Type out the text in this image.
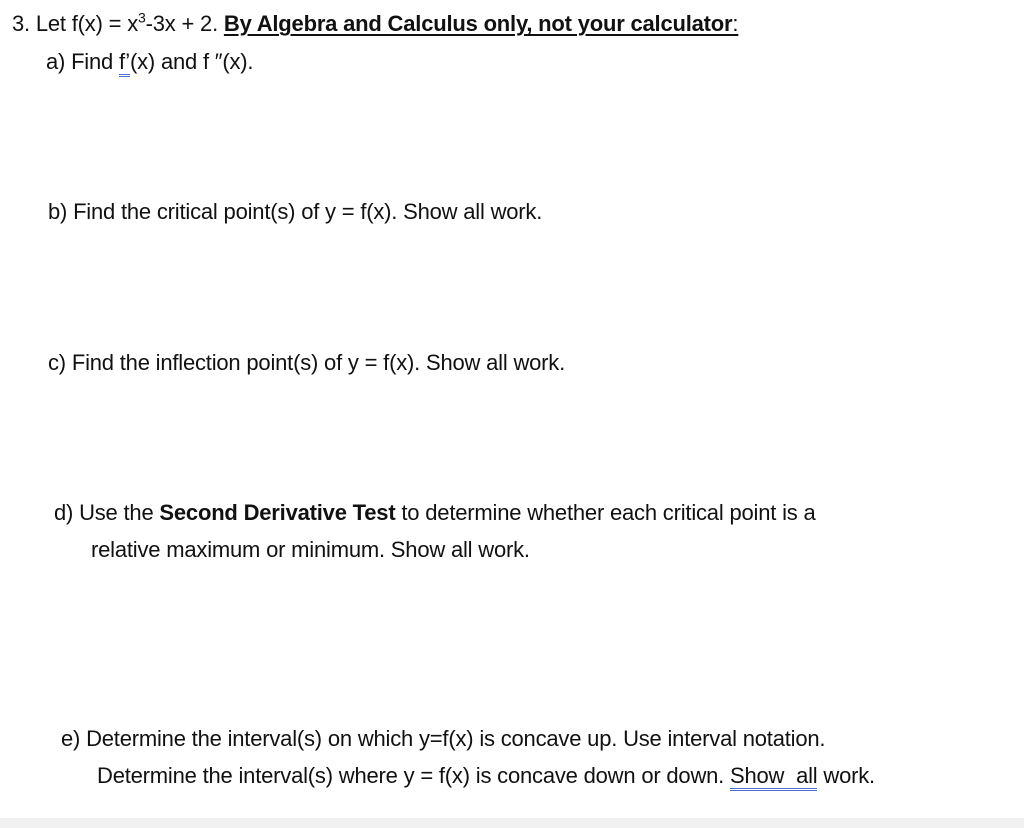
3. Let $f(x) = x^3-3x + 2$. By Algebra and Calculus only, not your calculator:
a) Find f’(x) and f ″(x).
b) Find the critical point(s) of y = f(x). Show all work.
c) Find the inflection point(s) of y = f(x). Show all work.
d) Use the Second Derivative Test to determine whether each critical point is a
relative maximum or minimum. Show all work.
e) Determine the interval(s) on which y=f(x) is concave up. Use interval notation.
Determine the interval(s) where y = f(x) is concave down or down. Show  all work.
